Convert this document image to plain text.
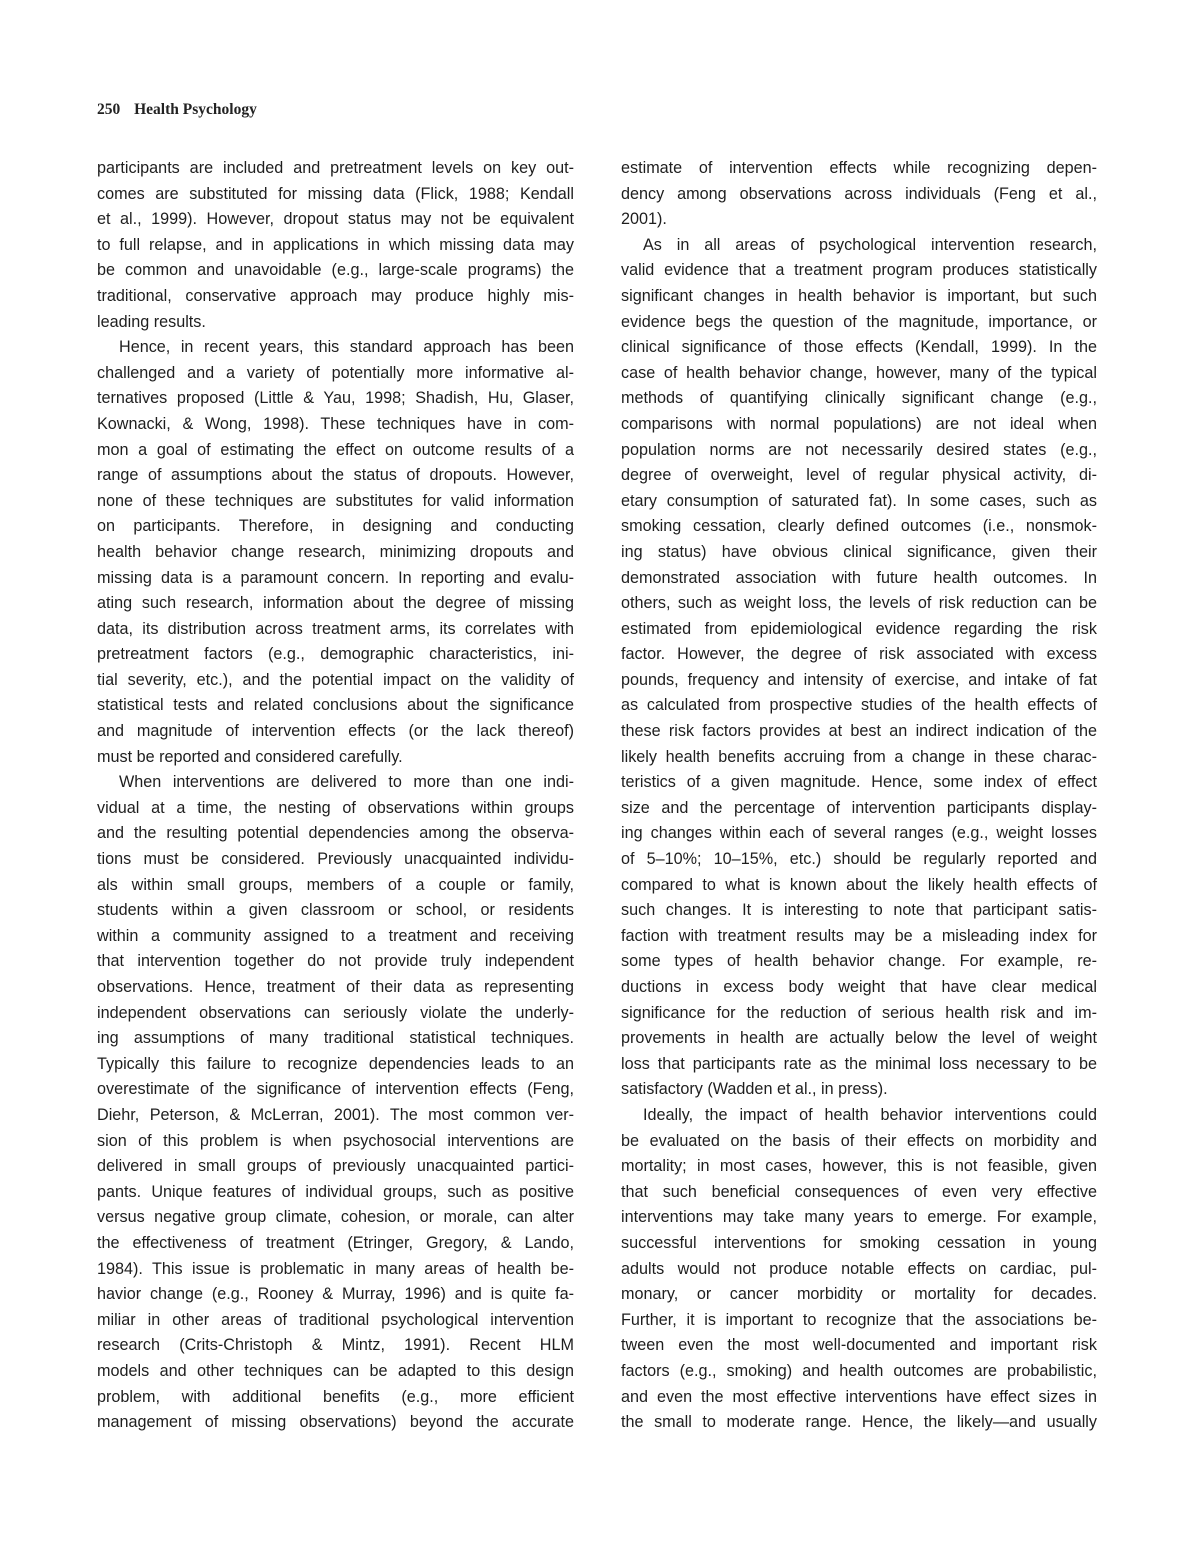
250 Health Psychology
participants are included and pretreatment levels on key out-
comes are substituted for missing data (Flick, 1988; Kendall
et al., 1999). However, dropout status may not be equivalent
to full relapse, and in applications in which missing data may
be common and unavoidable (e.g., large-scale programs) the
traditional, conservative approach may produce highly mis-
leading results.
Hence, in recent years, this standard approach has been
challenged and a variety of potentially more informative al-
ternatives proposed (Little & Yau, 1998; Shadish, Hu, Glaser,
Kownacki, & Wong, 1998). These techniques have in com-
mon a goal of estimating the effect on outcome results of a
range of assumptions about the status of dropouts. However,
none of these techniques are substitutes for valid information
on participants. Therefore, in designing and conducting
health behavior change research, minimizing dropouts and
missing data is a paramount concern. In reporting and evalu-
ating such research, information about the degree of missing
data, its distribution across treatment arms, its correlates with
pretreatment factors (e.g., demographic characteristics, ini-
tial severity, etc.), and the potential impact on the validity of
statistical tests and related conclusions about the significance
and magnitude of intervention effects (or the lack thereof)
must be reported and considered carefully.
When interventions are delivered to more than one indi-
vidual at a time, the nesting of observations within groups
and the resulting potential dependencies among the observa-
tions must be considered. Previously unacquainted individu-
als within small groups, members of a couple or family,
students within a given classroom or school, or residents
within a community assigned to a treatment and receiving
that intervention together do not provide truly independent
observations. Hence, treatment of their data as representing
independent observations can seriously violate the underly-
ing assumptions of many traditional statistical techniques.
Typically this failure to recognize dependencies leads to an
overestimate of the significance of intervention effects (Feng,
Diehr, Peterson, & McLerran, 2001). The most common ver-
sion of this problem is when psychosocial interventions are
delivered in small groups of previously unacquainted partici-
pants. Unique features of individual groups, such as positive
versus negative group climate, cohesion, or morale, can alter
the effectiveness of treatment (Etringer, Gregory, & Lando,
1984). This issue is problematic in many areas of health be-
havior change (e.g., Rooney & Murray, 1996) and is quite fa-
miliar in other areas of traditional psychological intervention
research (Crits-Christoph & Mintz, 1991). Recent HLM
models and other techniques can be adapted to this design
problem, with additional benefits (e.g., more efficient
management of missing observations) beyond the accurate
estimate of intervention effects while recognizing depen-
dency among observations across individuals (Feng et al.,
2001).
As in all areas of psychological intervention research,
valid evidence that a treatment program produces statistically
significant changes in health behavior is important, but such
evidence begs the question of the magnitude, importance, or
clinical significance of those effects (Kendall, 1999). In the
case of health behavior change, however, many of the typical
methods of quantifying clinically significant change (e.g.,
comparisons with normal populations) are not ideal when
population norms are not necessarily desired states (e.g.,
degree of overweight, level of regular physical activity, di-
etary consumption of saturated fat). In some cases, such as
smoking cessation, clearly defined outcomes (i.e., nonsmok-
ing status) have obvious clinical significance, given their
demonstrated association with future health outcomes. In
others, such as weight loss, the levels of risk reduction can be
estimated from epidemiological evidence regarding the risk
factor. However, the degree of risk associated with excess
pounds, frequency and intensity of exercise, and intake of fat
as calculated from prospective studies of the health effects of
these risk factors provides at best an indirect indication of the
likely health benefits accruing from a change in these charac-
teristics of a given magnitude. Hence, some index of effect
size and the percentage of intervention participants display-
ing changes within each of several ranges (e.g., weight losses
of 5–10%; 10–15%, etc.) should be regularly reported and
compared to what is known about the likely health effects of
such changes. It is interesting to note that participant satis-
faction with treatment results may be a misleading index for
some types of health behavior change. For example, re-
ductions in excess body weight that have clear medical
significance for the reduction of serious health risk and im-
provements in health are actually below the level of weight
loss that participants rate as the minimal loss necessary to be
satisfactory (Wadden et al., in press).
Ideally, the impact of health behavior interventions could
be evaluated on the basis of their effects on morbidity and
mortality; in most cases, however, this is not feasible, given
that such beneficial consequences of even very effective
interventions may take many years to emerge. For example,
successful interventions for smoking cessation in young
adults would not produce notable effects on cardiac, pul-
monary, or cancer morbidity or mortality for decades.
Further, it is important to recognize that the associations be-
tween even the most well-documented and important risk
factors (e.g., smoking) and health outcomes are probabilistic,
and even the most effective interventions have effect sizes in
the small to moderate range. Hence, the likely—and usually
